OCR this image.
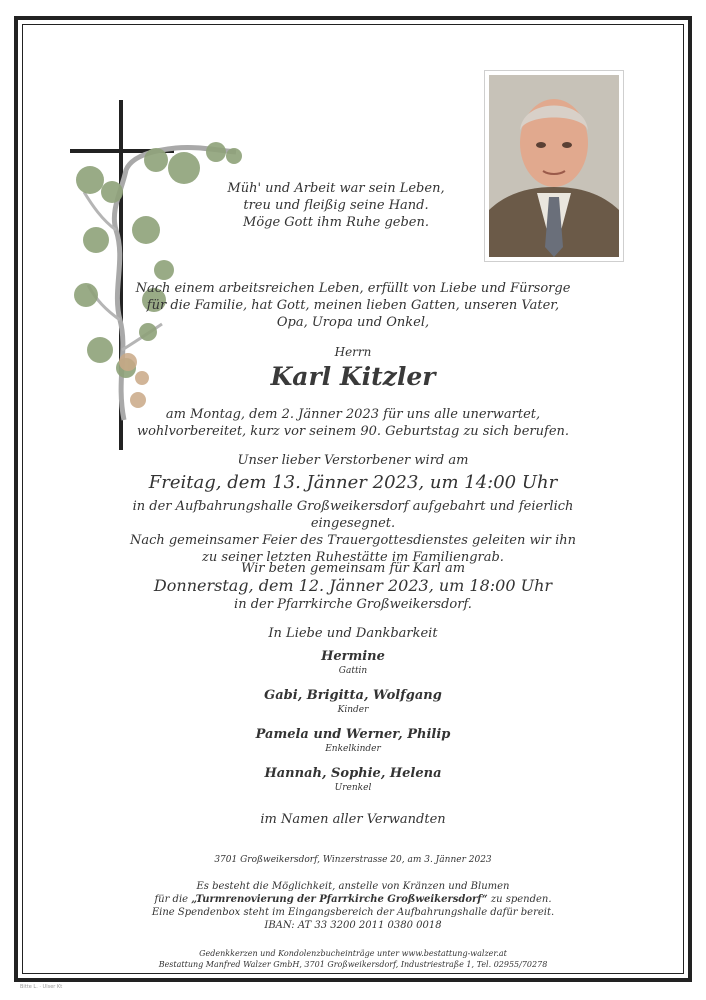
Müh' und Arbeit war sein Leben,
treu und fleißig seine Hand.
Möge Gott ihm Ruhe geben.
Nach einem arbeitsreichen Leben, erfüllt von Liebe und Fürsorge
für die Familie, hat Gott, meinen lieben Gatten, unseren Vater,
Opa, Uropa und Onkel,
Herrn
Karl Kitzler
am Montag, dem 2. Jänner 2023 für uns alle unerwartet,
wohlvorbereitet, kurz vor seinem 90. Geburtstag zu sich berufen.
Unser lieber Verstorbener wird am
Freitag, dem 13. Jänner 2023, um 14:00 Uhr
in der Aufbahrungshalle Großweikersdorf aufgebahrt und feierlich eingesegnet.
Nach gemeinsamer Feier des Trauergottesdienstes geleiten wir ihn
zu seiner letzten Ruhestätte im Familiengrab.
Wir beten gemeinsam für Karl am
Donnerstag, dem 12. Jänner 2023, um 18:00 Uhr
in der Pfarrkirche Großweikersdorf.
In Liebe und Dankbarkeit
Hermine
Gattin
Gabi, Brigitta, Wolfgang
Kinder
Pamela und Werner, Philip
Enkelkinder
Hannah, Sophie, Helena
Urenkel
im Namen aller Verwandten
3701 Großweikersdorf, Winzerstrasse 20, am 3. Jänner 2023
Es besteht die Möglichkeit, anstelle von Kränzen und Blumen
für die „Turmrenovierung der Pfarrkirche Großweikersdorf“ zu spenden.
Eine Spendenbox steht im Eingangsbereich der Aufbahrungshalle dafür bereit.
IBAN: AT 33 3200 2011 0380 0018
Gedenkkerzen und Kondolenzbucheinträge unter www.bestattung-walzer.at
Bestattung Manfred Walzer GmbH, 3701 Großweikersdorf, Industriestraße 1, Tel. 02955/70278
Bitte L. · Ulser Kt
